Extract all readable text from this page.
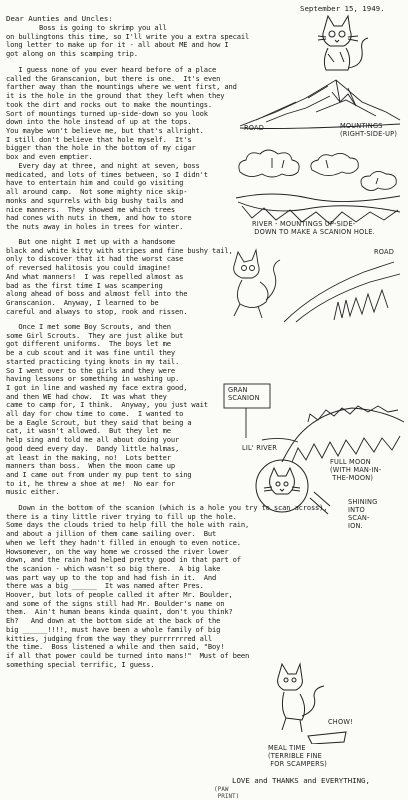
September 15, 1949.
Dear Aunties and Uncles:
Boss is going to skrimp you all
on bullingtons this time, so I'll write you a extra specail
long letter to make up for it - all about ME and how I
got along on this scamping trip.
I guess none of you ever heard before of a place
called the Granscanion, but there is one.  It's even
farther away than the mountings where we went first, and
it is the hole in the ground that they left when they
took the dirt and rocks out to make the mountings.
Sort of mountings turned up-side-down so you look
down into the hole instead of up at the tops.
You maybe won't believe me, but that's allright.
I still don't believe that hole myself.  It's
bigger than the hole in the bottom of my cigar
box and even emptier.
Every day at three, and night at seven, boss
medicated, and lots of times between, so I didn't
have to entertain him and could go visiting
all around camp.  Not some mighty nice skip-
monks and squrrels with big bushy tails and
nice manners.  They showed me which trees
had cones with nuts in them, and how to store
the nuts away in holes in trees for winter.
But one night I met up with a handsome
black and white kitty with stripes and fine bushy tail,
only to discover that it had the worst case
of reversed halitosis you could imagine!
And what manners!  I was repelled almost as
bad as the first time I was scampering
along ahead of boss and almost fell into the
Granscanion.  Anyway, I learned to be
careful and always to stop, rook and rissen.
Once I met some Boy Scrouts, and then
some Girl Scrouts.  They are just alike but
got different uniforms.  The boys let me
be a cub scout and it was fine until they
started practicing tying knots in my tail.
So I went over to the girls and they were
having lessons or something in washing up.
I got in line and washed my face extra good,
and then WE had chow.  It was what they
came to camp for, I think.  Anyway, you just wait
all day for chow time to come.  I wanted to
be a Eagle Scrout, but they said that being a
cat, it wasn't allowed.  But they let me
help sing and told me all about doing your
good deed every day.  Dandy little halmas,
at least in the making, no!  Lots better
manners than boss.  When the moon came up
and I came out from under my pup tent to sing
to it, he threw a shoe at me!  No ear for
music either.
Down in the bottom of the scanion (which is a hole you try to scan across),
there is a tiny little river trying to fill up the hole.
Some days the clouds tried to help fill the hole with rain,
and about a jillion of them came sailing over.  But
when we left they hadn't filled in enough to even notice.
Howsomever, on the way home we crossed the river lower
down, and the rain had helped pretty good in that part of
the scanion - which wasn't so big there.  A big lake
was part way up to the top and had fish in it.  And
there was a big ______  It was named after Pres.
Hoover, but lots of people called it after Mr. Boulder,
and some of the signs still had Mr. Boulder's name on
them.  Ain't human beans kinda quaint, don't you think?
Eh?   And down at the bottom side at the back of the
big ______!!!!, must have been a whole family of big
kitties, judging from the way they purrrrrrred all
the time.  Boss listened a while and then said, "Boy!
if all that power could be turned into mans!"  Must of been
something special terrific, I guess.
ROAD	MOUNTINGS
(RIGHT-SIDE-UP)
RIVER - MOUNTINGS UP-SIDE-
DOWN TO MAKE A SCANION HOLE.
ROAD
GRAN
SCANION
LIL' RIVER
FULL MOON
(WITH MAN-IN-
THE-MOON)
SHINING
INTO
SCAN-
ION.
CHOW!
MEAL TIME
(TERRIBLE FINE
FOR SCAMPERS)
LOVE and THANKS and EVERYTHING,
(PAW
PRINT)
